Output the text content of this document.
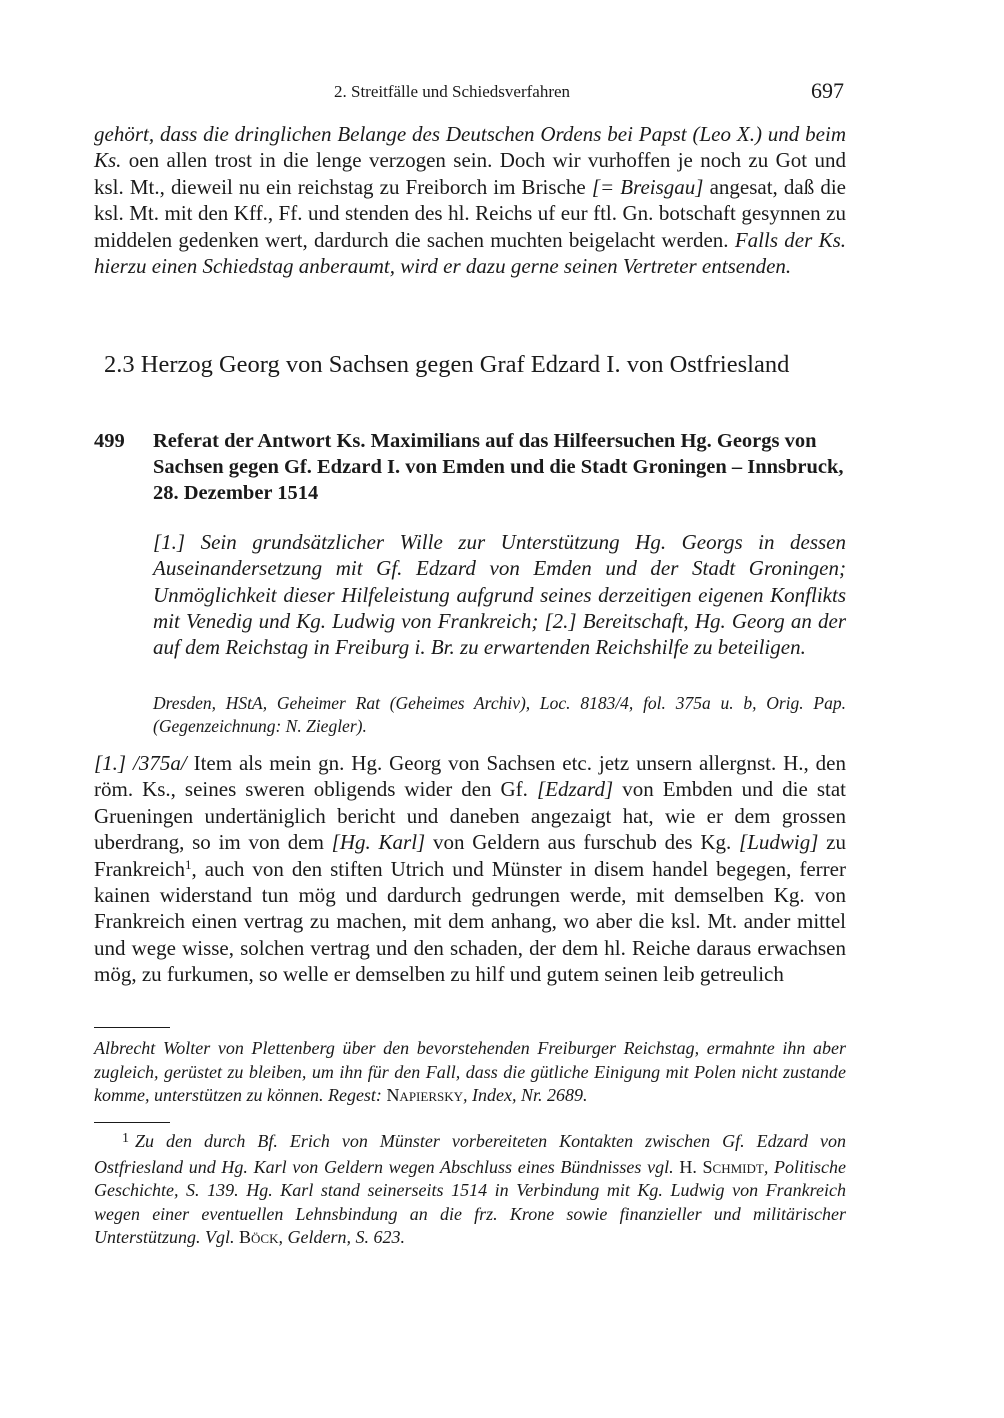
2. Streitfälle und Schiedsverfahren	697

gehört, dass die dringlichen Belange des Deutschen Ordens bei Papst (Leo X.) und beim Ks. oen allen trost in die lenge verzogen sein. Doch wir vurhoffen je noch zu Got und ksl. Mt., dieweil nu ein reichstag zu Freiborch im Brische [= Breisgau] angesat, daß die ksl. Mt. mit den Kff., Ff. und stenden des hl. Reichs uf eur ftl. Gn. botschaft gesynnen zu middelen gedenken wert, dardurch die sachen muchten beigelacht werden. Falls der Ks. hierzu einen Schiedstag anberaumt, wird er dazu gerne seinen Vertreter entsenden.

2.3 Herzog Georg von Sachsen gegen Graf Edzard I. von Ostfriesland
499 Referat der Antwort Ks. Maximilians auf das Hilfeersuchen Hg. Georgs von Sachsen gegen Gf. Edzard I. von Emden und die Stadt Groningen – Innsbruck, 28. Dezember 1514

[1.] Sein grundsätzlicher Wille zur Unterstützung Hg. Georgs in dessen Auseinandersetzung mit Gf. Edzard von Emden und der Stadt Groningen; Unmöglichkeit dieser Hilfeleistung aufgrund seines derzeitigen eigenen Konflikts mit Venedig und Kg. Ludwig von Frankreich; [2.] Bereitschaft, Hg. Georg an der auf dem Reichstag in Freiburg i. Br. zu erwartenden Reichshilfe zu beteiligen.

Dresden, HStA, Geheimer Rat (Geheimes Archiv), Loc. 8183/4, fol. 375a u. b, Orig. Pap. (Gegenzeichnung: N. Ziegler).

[1.] /375a/ Item als mein gn. Hg. Georg von Sachsen etc. jetz unsern allergnst. H., den röm. Ks., seines sweren obligends wider den Gf. [Edzard] von Embden und die stat Grueningen undertäniglich bericht und daneben angezaigt hat, wie er dem grossen uberdrang, so im von dem [Hg. Karl] von Geldern aus furschub des Kg. [Ludwig] zu Frankreich$^1$, auch von den stiften Utrich und Münster in disem handel begegen, ferrer kainen widerstand tun mög und dardurch gedrungen werde, mit demselben Kg. von Frankreich einen vertrag zu machen, mit dem anhang, wo aber die ksl. Mt. ander mittel und wege wisse, solchen vertrag und den schaden, der dem hl. Reiche daraus erwachsen mög, zu furkumen, so welle er demselben zu hilf und gutem seinen leib getreulich

Albrecht Wolter von Plettenberg über den bevorstehenden Freiburger Reichstag, ermahnte ihn aber zugleich, gerüstet zu bleiben, um ihn für den Fall, dass die gütliche Einigung mit Polen nicht zustande komme, unterstützen zu können. Regest: Napiersky, Index, Nr. 2689.

$^1$ Zu den durch Bf. Erich von Münster vorbereiteten Kontakten zwischen Gf. Edzard von Ostfriesland und Hg. Karl von Geldern wegen Abschluss eines Bündnisses vgl. H. Schmidt, Politische Geschichte, S. 139. Hg. Karl stand seinerseits 1514 in Verbindung mit Kg. Ludwig von Frankreich wegen einer eventuellen Lehnsbindung an die frz. Krone sowie finanzieller und militärischer Unterstützung. Vgl. Böck, Geldern, S. 623.
